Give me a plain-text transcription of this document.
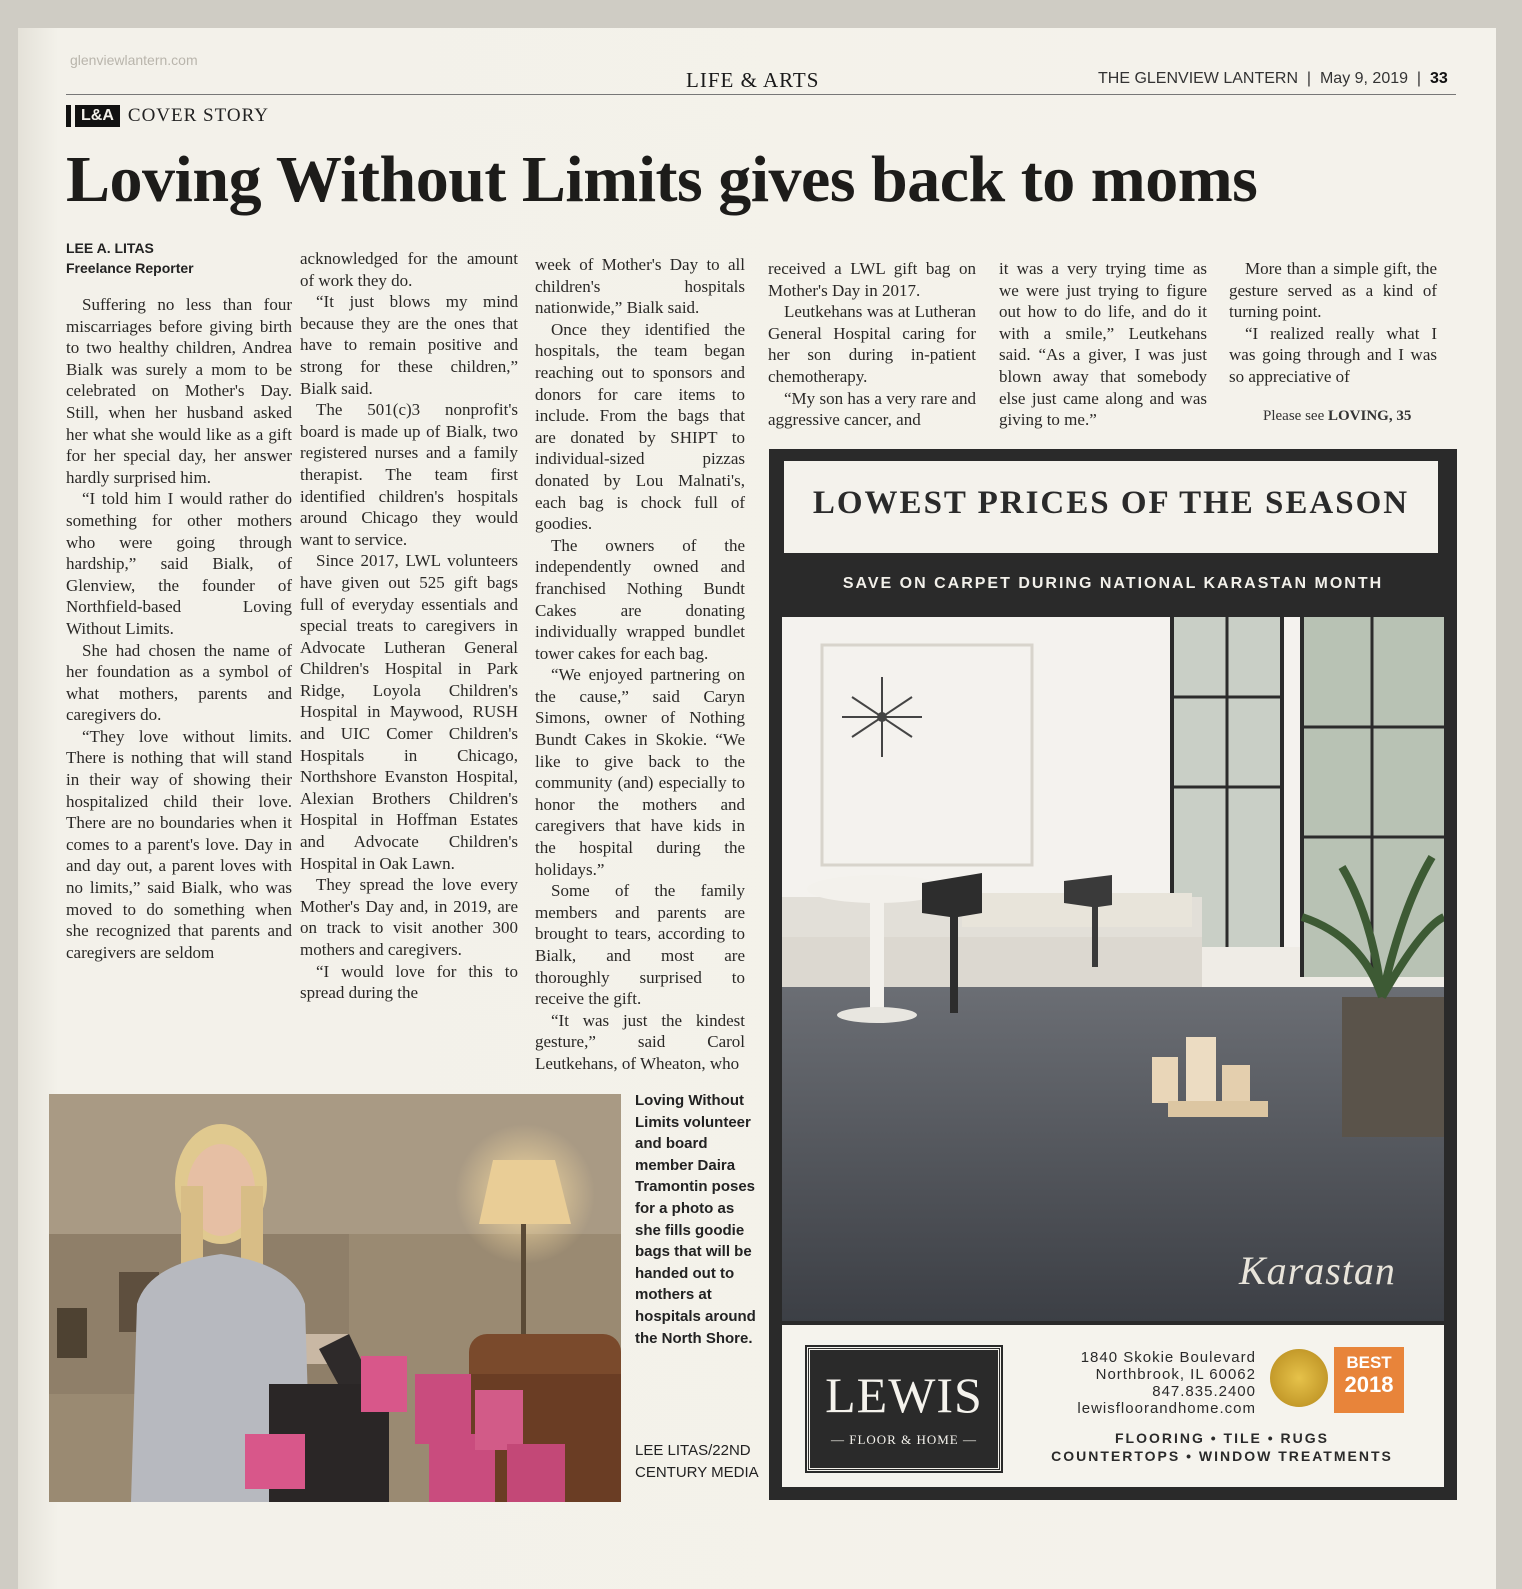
glenviewlantern.com
LIFE & ARTS	THE GLENVIEW LANTERN  |  May 9, 2019  |  33
L&A COVER STORY
Loving Without Limits gives back to moms
LEE A. LITAS
Freelance Reporter

Suffering no less than four miscarriages before giving birth to two healthy children, Andrea Bialk was surely a mom to be celebrated on Mother's Day. Still, when her husband asked her what she would like as a gift for her special day, her answer hardly surprised him.

“I told him I would rather do something for other mothers who were going through hardship,” said Bialk, of Glenview, the founder of Northfield-based Loving Without Limits.

She had chosen the name of her foundation as a symbol of what mothers, parents and caregivers do.

“They love without limits. There is nothing that will stand in their way of showing their hospitalized child their love. There are no boundaries when it comes to a parent's love. Day in and day out, a parent loves with no limits,” said Bialk, who was moved to do something when she recognized that parents and caregivers are seldom

acknowledged for the amount of work they do.

“It just blows my mind because they are the ones that have to remain positive and strong for these children,” Bialk said.

The 501(c)3 nonprofit's board is made up of Bialk, two registered nurses and a family therapist. The team first identified children's hospitals around Chicago they would want to service.

Since 2017, LWL volunteers have given out 525 gift bags full of everyday essentials and special treats to caregivers in Advocate Lutheran General Children's Hospital in Park Ridge, Loyola Children's Hospital in Maywood, RUSH and UIC Comer Children's Hospitals in Chicago, Northshore Evanston Hospital, Alexian Brothers Children's Hospital in Hoffman Estates and Advocate Children's Hospital in Oak Lawn.

They spread the love every Mother's Day and, in 2019, are on track to visit another 300 mothers and caregivers.

“I would love for this to spread during the

week of Mother's Day to all children's hospitals nationwide,” Bialk said.

Once they identified the hospitals, the team began reaching out to sponsors and donors for care items to include. From the bags that are donated by SHIPT to individual-sized pizzas donated by Lou Malnati's, each bag is chock full of goodies.

The owners of the independently owned and franchised Nothing Bundt Cakes are donating individually wrapped bundlet tower cakes for each bag.

“We enjoyed partnering on the cause,” said Caryn Simons, owner of Nothing Bundt Cakes in Skokie. “We like to give back to the community (and) especially to honor the mothers and caregivers that have kids in the hospital during the holidays.”

Some of the family members and parents are brought to tears, according to Bialk, and most are thoroughly surprised to receive the gift.

“It was just the kindest gesture,” said Carol Leutkehans, of Wheaton, who

received a LWL gift bag on Mother's Day in 2017.

Leutkehans was at Lutheran General Hospital caring for her son during in-patient chemotherapy.

“My son has a very rare and aggressive cancer, and

it was a very trying time as we were just trying to figure out how to do life, and do it with a smile,” Leutkehans said. “As a giver, I was just blown away that somebody else just came along and was giving to me.”

More than a simple gift, the gesture served as a kind of turning point.

“I realized really what I was going through and I was so appreciative of

Please see LOVING, 35
Loving Without Limits volunteer and board member Daira Tramontin poses for a photo as she fills goodie bags that will be handed out to mothers at hospitals around the North Shore.
LEE LITAS/22ND CENTURY MEDIA
LOWEST PRICES OF THE SEASON
SAVE ON CARPET DURING NATIONAL KARASTAN MONTH
Karastan
LEWIS
— FLOOR & HOME —
1840 Skokie Boulevard
Northbrook, IL 60062
847.835.2400
lewisfloorandhome.com
BEST
2018
FLOORING • TILE • RUGS
COUNTERTOPS • WINDOW TREATMENTS
